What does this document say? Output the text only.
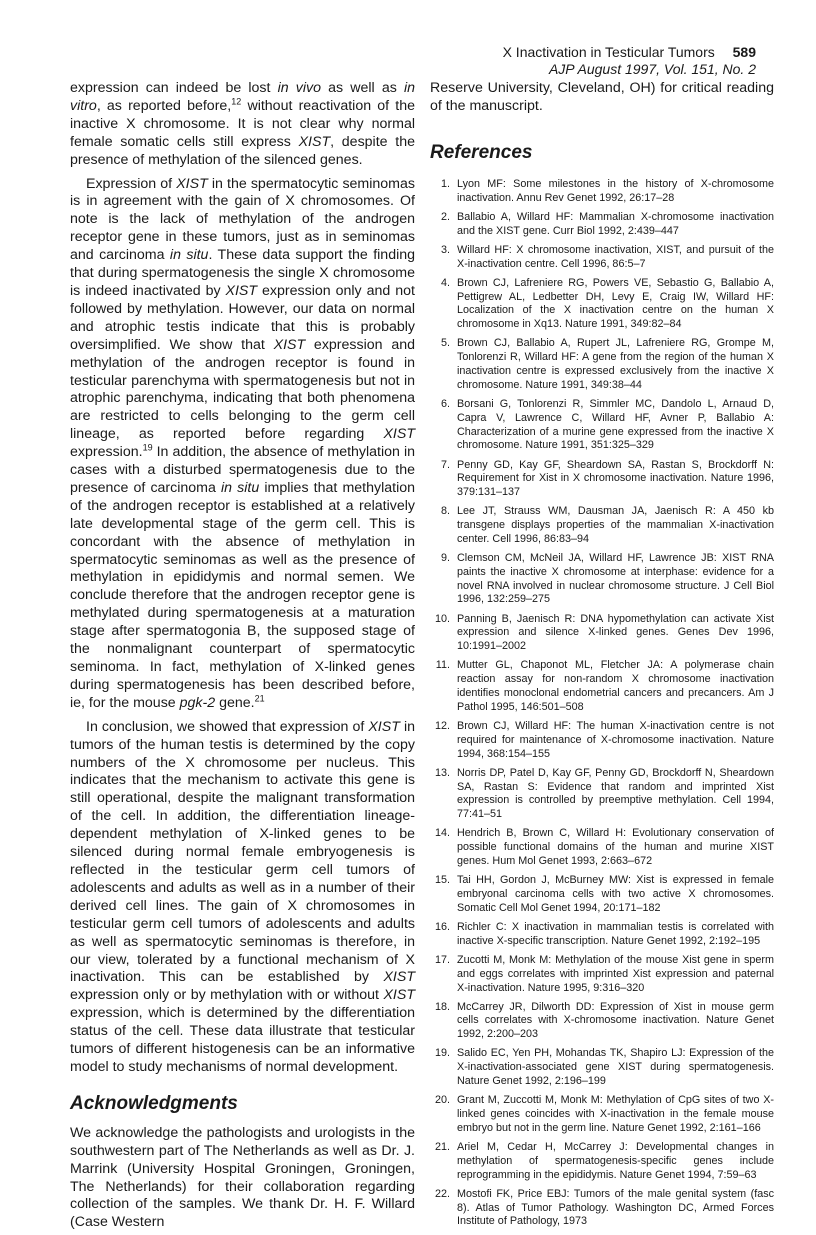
X Inactivation in Testicular Tumors 589
AJP August 1997, Vol. 151, No. 2

expression can indeed be lost in vivo as well as in vitro, as reported before,$^{12}$ without reactivation of the inactive X chromosome. It is not clear why normal female somatic cells still express XIST, despite the presence of methylation of the silenced genes.

Expression of XIST in the spermatocytic seminomas is in agreement with the gain of X chromosomes. Of note is the lack of methylation of the androgen receptor gene in these tumors, just as in seminomas and carcinoma in situ. These data support the finding that during spermatogenesis the single X chromosome is indeed inactivated by XIST expression only and not followed by methylation. However, our data on normal and atrophic testis indicate that this is probably oversimplified. We show that XIST expression and methylation of the androgen receptor is found in testicular parenchyma with spermatogenesis but not in atrophic parenchyma, indicating that both phenomena are restricted to cells belonging to the germ cell lineage, as reported before regarding XIST expression.$^{19}$ In addition, the absence of methylation in cases with a disturbed spermatogenesis due to the presence of carcinoma in situ implies that methylation of the androgen receptor is established at a relatively late developmental stage of the germ cell. This is concordant with the absence of methylation in spermatocytic seminomas as well as the presence of methylation in epididymis and normal semen. We conclude therefore that the androgen receptor gene is methylated during spermatogenesis at a maturation stage after spermatogonia B, the supposed stage of the nonmalignant counterpart of spermatocytic seminoma. In fact, methylation of X-linked genes during spermatogenesis has been described before, ie, for the mouse pgk-2 gene.$^{21}$

In conclusion, we showed that expression of XIST in tumors of the human testis is determined by the copy numbers of the X chromosome per nucleus. This indicates that the mechanism to activate this gene is still operational, despite the malignant transformation of the cell. In addition, the differentiation lineage-dependent methylation of X-linked genes to be silenced during normal female embryogenesis is reflected in the testicular germ cell tumors of adolescents and adults as well as in a number of their derived cell lines. The gain of X chromosomes in testicular germ cell tumors of adolescents and adults as well as spermatocytic seminomas is therefore, in our view, tolerated by a functional mechanism of X inactivation. This can be established by XIST expression only or by methylation with or without XIST expression, which is determined by the differentiation status of the cell. These data illustrate that testicular tumors of different histogenesis can be an informative model to study mechanisms of normal development.

Acknowledgments

We acknowledge the pathologists and urologists in the southwestern part of The Netherlands as well as Dr. J. Marrink (University Hospital Groningen, Groningen, The Netherlands) for their collaboration regarding collection of the samples. We thank Dr. H. F. Willard (Case Western

Reserve University, Cleveland, OH) for critical reading of the manuscript.

References
1. Lyon MF: Some milestones in the history of X-chromosome inactivation. Annu Rev Genet 1992, 26:17–28
2. Ballabio A, Willard HF: Mammalian X-chromosome inactivation and the XIST gene. Curr Biol 1992, 2:439–447
3. Willard HF: X chromosome inactivation, XIST, and pursuit of the X-inactivation centre. Cell 1996, 86:5–7
4. Brown CJ, Lafreniere RG, Powers VE, Sebastio G, Ballabio A, Pettigrew AL, Ledbetter DH, Levy E, Craig IW, Willard HF: Localization of the X inactivation centre on the human X chromosome in Xq13. Nature 1991, 349:82–84
5. Brown CJ, Ballabio A, Rupert JL, Lafreniere RG, Grompe M, Tonlorenzi R, Willard HF: A gene from the region of the human X inactivation centre is expressed exclusively from the inactive X chromosome. Nature 1991, 349:38–44
6. Borsani G, Tonlorenzi R, Simmler MC, Dandolo L, Arnaud D, Capra V, Lawrence C, Willard HF, Avner P, Ballabio A: Characterization of a murine gene expressed from the inactive X chromosome. Nature 1991, 351:325–329
7. Penny GD, Kay GF, Sheardown SA, Rastan S, Brockdorff N: Requirement for Xist in X chromosome inactivation. Nature 1996, 379:131–137
8. Lee JT, Strauss WM, Dausman JA, Jaenisch R: A 450 kb transgene displays properties of the mammalian X-inactivation center. Cell 1996, 86:83–94
9. Clemson CM, McNeil JA, Willard HF, Lawrence JB: XIST RNA paints the inactive X chromosome at interphase: evidence for a novel RNA involved in nuclear chromosome structure. J Cell Biol 1996, 132:259–275
10. Panning B, Jaenisch R: DNA hypomethylation can activate Xist expression and silence X-linked genes. Genes Dev 1996, 10:1991–2002
11. Mutter GL, Chaponot ML, Fletcher JA: A polymerase chain reaction assay for non-random X chromosome inactivation identifies monoclonal endometrial cancers and precancers. Am J Pathol 1995, 146:501–508
12. Brown CJ, Willard HF: The human X-inactivation centre is not required for maintenance of X-chromosome inactivation. Nature 1994, 368:154–155
13. Norris DP, Patel D, Kay GF, Penny GD, Brockdorff N, Sheardown SA, Rastan S: Evidence that random and imprinted Xist expression is controlled by preemptive methylation. Cell 1994, 77:41–51
14. Hendrich B, Brown C, Willard H: Evolutionary conservation of possible functional domains of the human and murine XIST genes. Hum Mol Genet 1993, 2:663–672
15. Tai HH, Gordon J, McBurney MW: Xist is expressed in female embryonal carcinoma cells with two active X chromosomes. Somatic Cell Mol Genet 1994, 20:171–182
16. Richler C: X inactivation in mammalian testis is correlated with inactive X-specific transcription. Nature Genet 1992, 2:192–195
17. Zucotti M, Monk M: Methylation of the mouse Xist gene in sperm and eggs correlates with imprinted Xist expression and paternal X-inactivation. Nature 1995, 9:316–320
18. McCarrey JR, Dilworth DD: Expression of Xist in mouse germ cells correlates with X-chromosome inactivation. Nature Genet 1992, 2:200–203
19. Salido EC, Yen PH, Mohandas TK, Shapiro LJ: Expression of the X-inactivation-associated gene XIST during spermatogenesis. Nature Genet 1992, 2:196–199
20. Grant M, Zuccotti M, Monk M: Methylation of CpG sites of two X-linked genes coincides with X-inactivation in the female mouse embryo but not in the germ line. Nature Genet 1992, 2:161–166
21. Ariel M, Cedar H, McCarrey J: Developmental changes in methylation of spermatogenesis-specific genes include reprogramming in the epididymis. Nature Genet 1994, 7:59–63
22. Mostofi FK, Price EBJ: Tumors of the male genital system (fasc 8). Atlas of Tumor Pathology. Washington DC, Armed Forces Institute of Pathology, 1973
